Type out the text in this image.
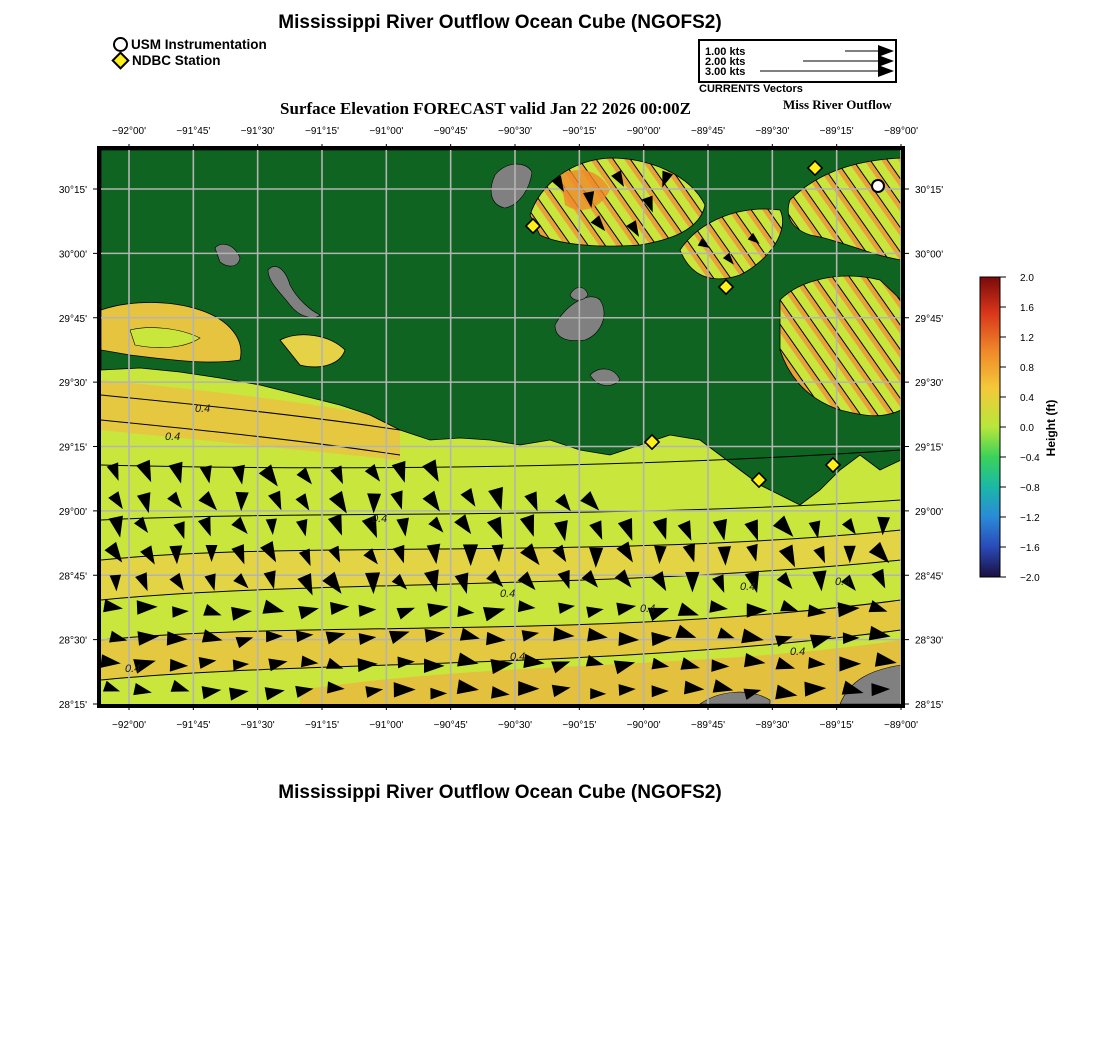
Mississippi River Outflow Ocean Cube (NGOFS2)
USM Instrumentation
NDBC Station
1.00 kts
2.00 kts
3.00 kts
CURRENTS Vectors
Surface Elevation FORECAST valid Jan 22 2026 00:00Z	Miss River Outflow
0.4
0.4
0.4
0.4
0.4
0.4	0.4
0.4	0.4
0.4
−92°00'	−91°45'	−91°30'	−91°15'	−91°00'	−90°45'	−90°30'	−90°15'	−90°00'	−89°45'	−89°30'	−89°15'	−89°00'
−92°00'	−91°45'	−91°30'	−91°15'	−91°00'	−90°45'	−90°30'	−90°15'	−90°00'	−89°45'	−89°30'	−89°15'	−89°00'
30°15'
30°00'
29°45'
29°30'
29°15'
29°00'
28°45'
28°30'
28°15'
30°15'
30°00'
29°45'
29°30'
29°15'
29°00'
28°45'
28°30'
28°15'
2.0
1.6
1.2
0.8
0.4
0.0
−0.4
−0.8
−1.2
−1.6
−2.0
Height (ft)
Mississippi River Outflow Ocean Cube (NGOFS2)
